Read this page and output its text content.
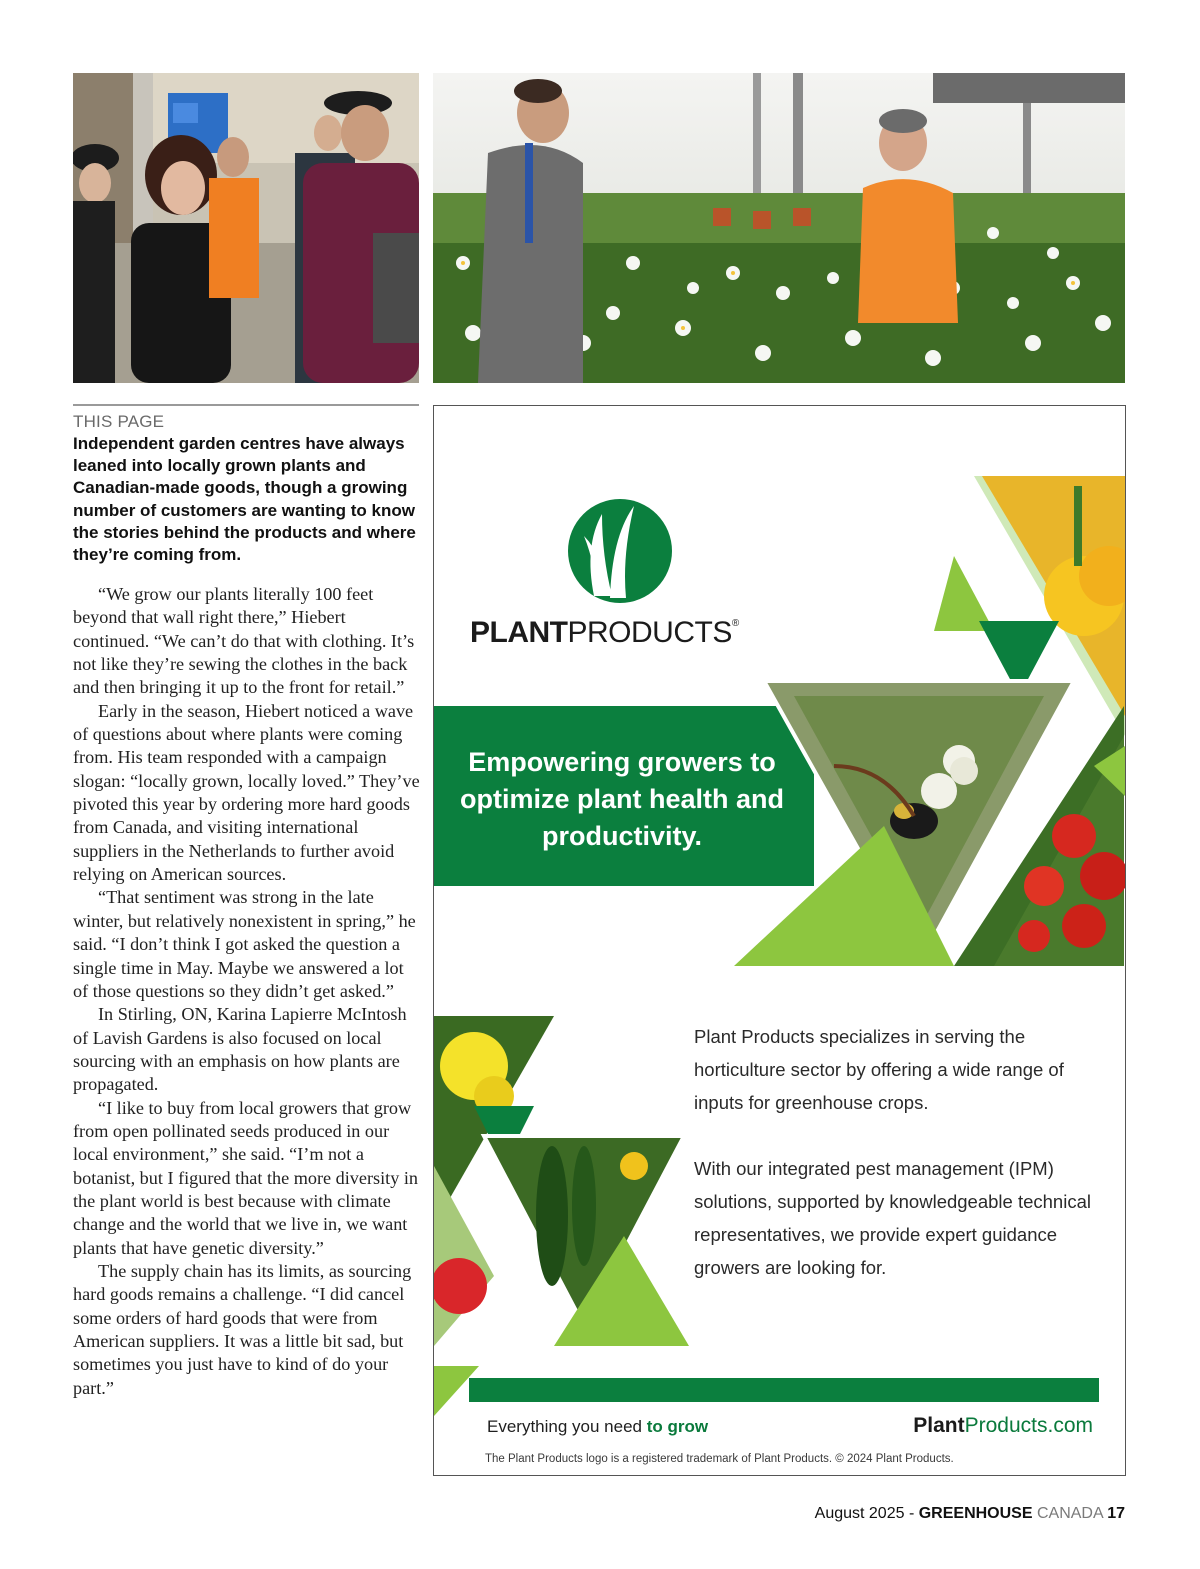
THIS PAGE
Independent garden centres have always leaned into locally grown plants and Canadian-made goods, though a growing number of customers are wanting to know the stories behind the products and where they’re coming from.

“We grow our plants literally 100 feet beyond that wall right there,” Hiebert continued. “We can’t do that with clothing. It’s not like they’re sewing the clothes in the back and then bringing it up to the front for retail.”

Early in the season, Hiebert noticed a wave of questions about where plants were coming from. His team responded with a campaign slogan: “locally grown, locally loved.” They’ve pivoted this year by ordering more hard goods from Canada, and visiting international suppliers in the Netherlands to further avoid relying on American sources.

“That sentiment was strong in the late winter, but relatively nonexistent in spring,” he said. “I don’t think I got asked the question a single time in May. Maybe we answered a lot of those questions so they didn’t get asked.”

In Stirling, ON, Karina Lapierre McIntosh of Lavish Gardens is also focused on local sourcing with an emphasis on how plants are propagated.

“I like to buy from local growers that grow from open pollinated seeds produced in our local environment,” she said. “I’m not a botanist, but I figured that the more diversity in the plant world is best because with climate change and the world that we live in, we want plants that have genetic diversity.”

The supply chain has its limits, as sourcing hard goods remains a challenge. “I did cancel some orders of hard goods that were from American suppliers. It was a little bit sad, but sometimes you just have to kind of do your part.”

PLANTPRODUCTS®
Empowering growers to optimize plant health and productivity.

Plant Products specializes in serving the horticulture sector by offering a wide range of inputs for greenhouse crops.

With our integrated pest management (IPM) solutions, supported by knowledgeable technical representatives, we provide expert guidance growers are looking for.

Everything you need to grow	PlantProducts.com
The Plant Products logo is a registered trademark of Plant Products. © 2024 Plant Products.
August 2025 - GREENHOUSE CANADA 17
